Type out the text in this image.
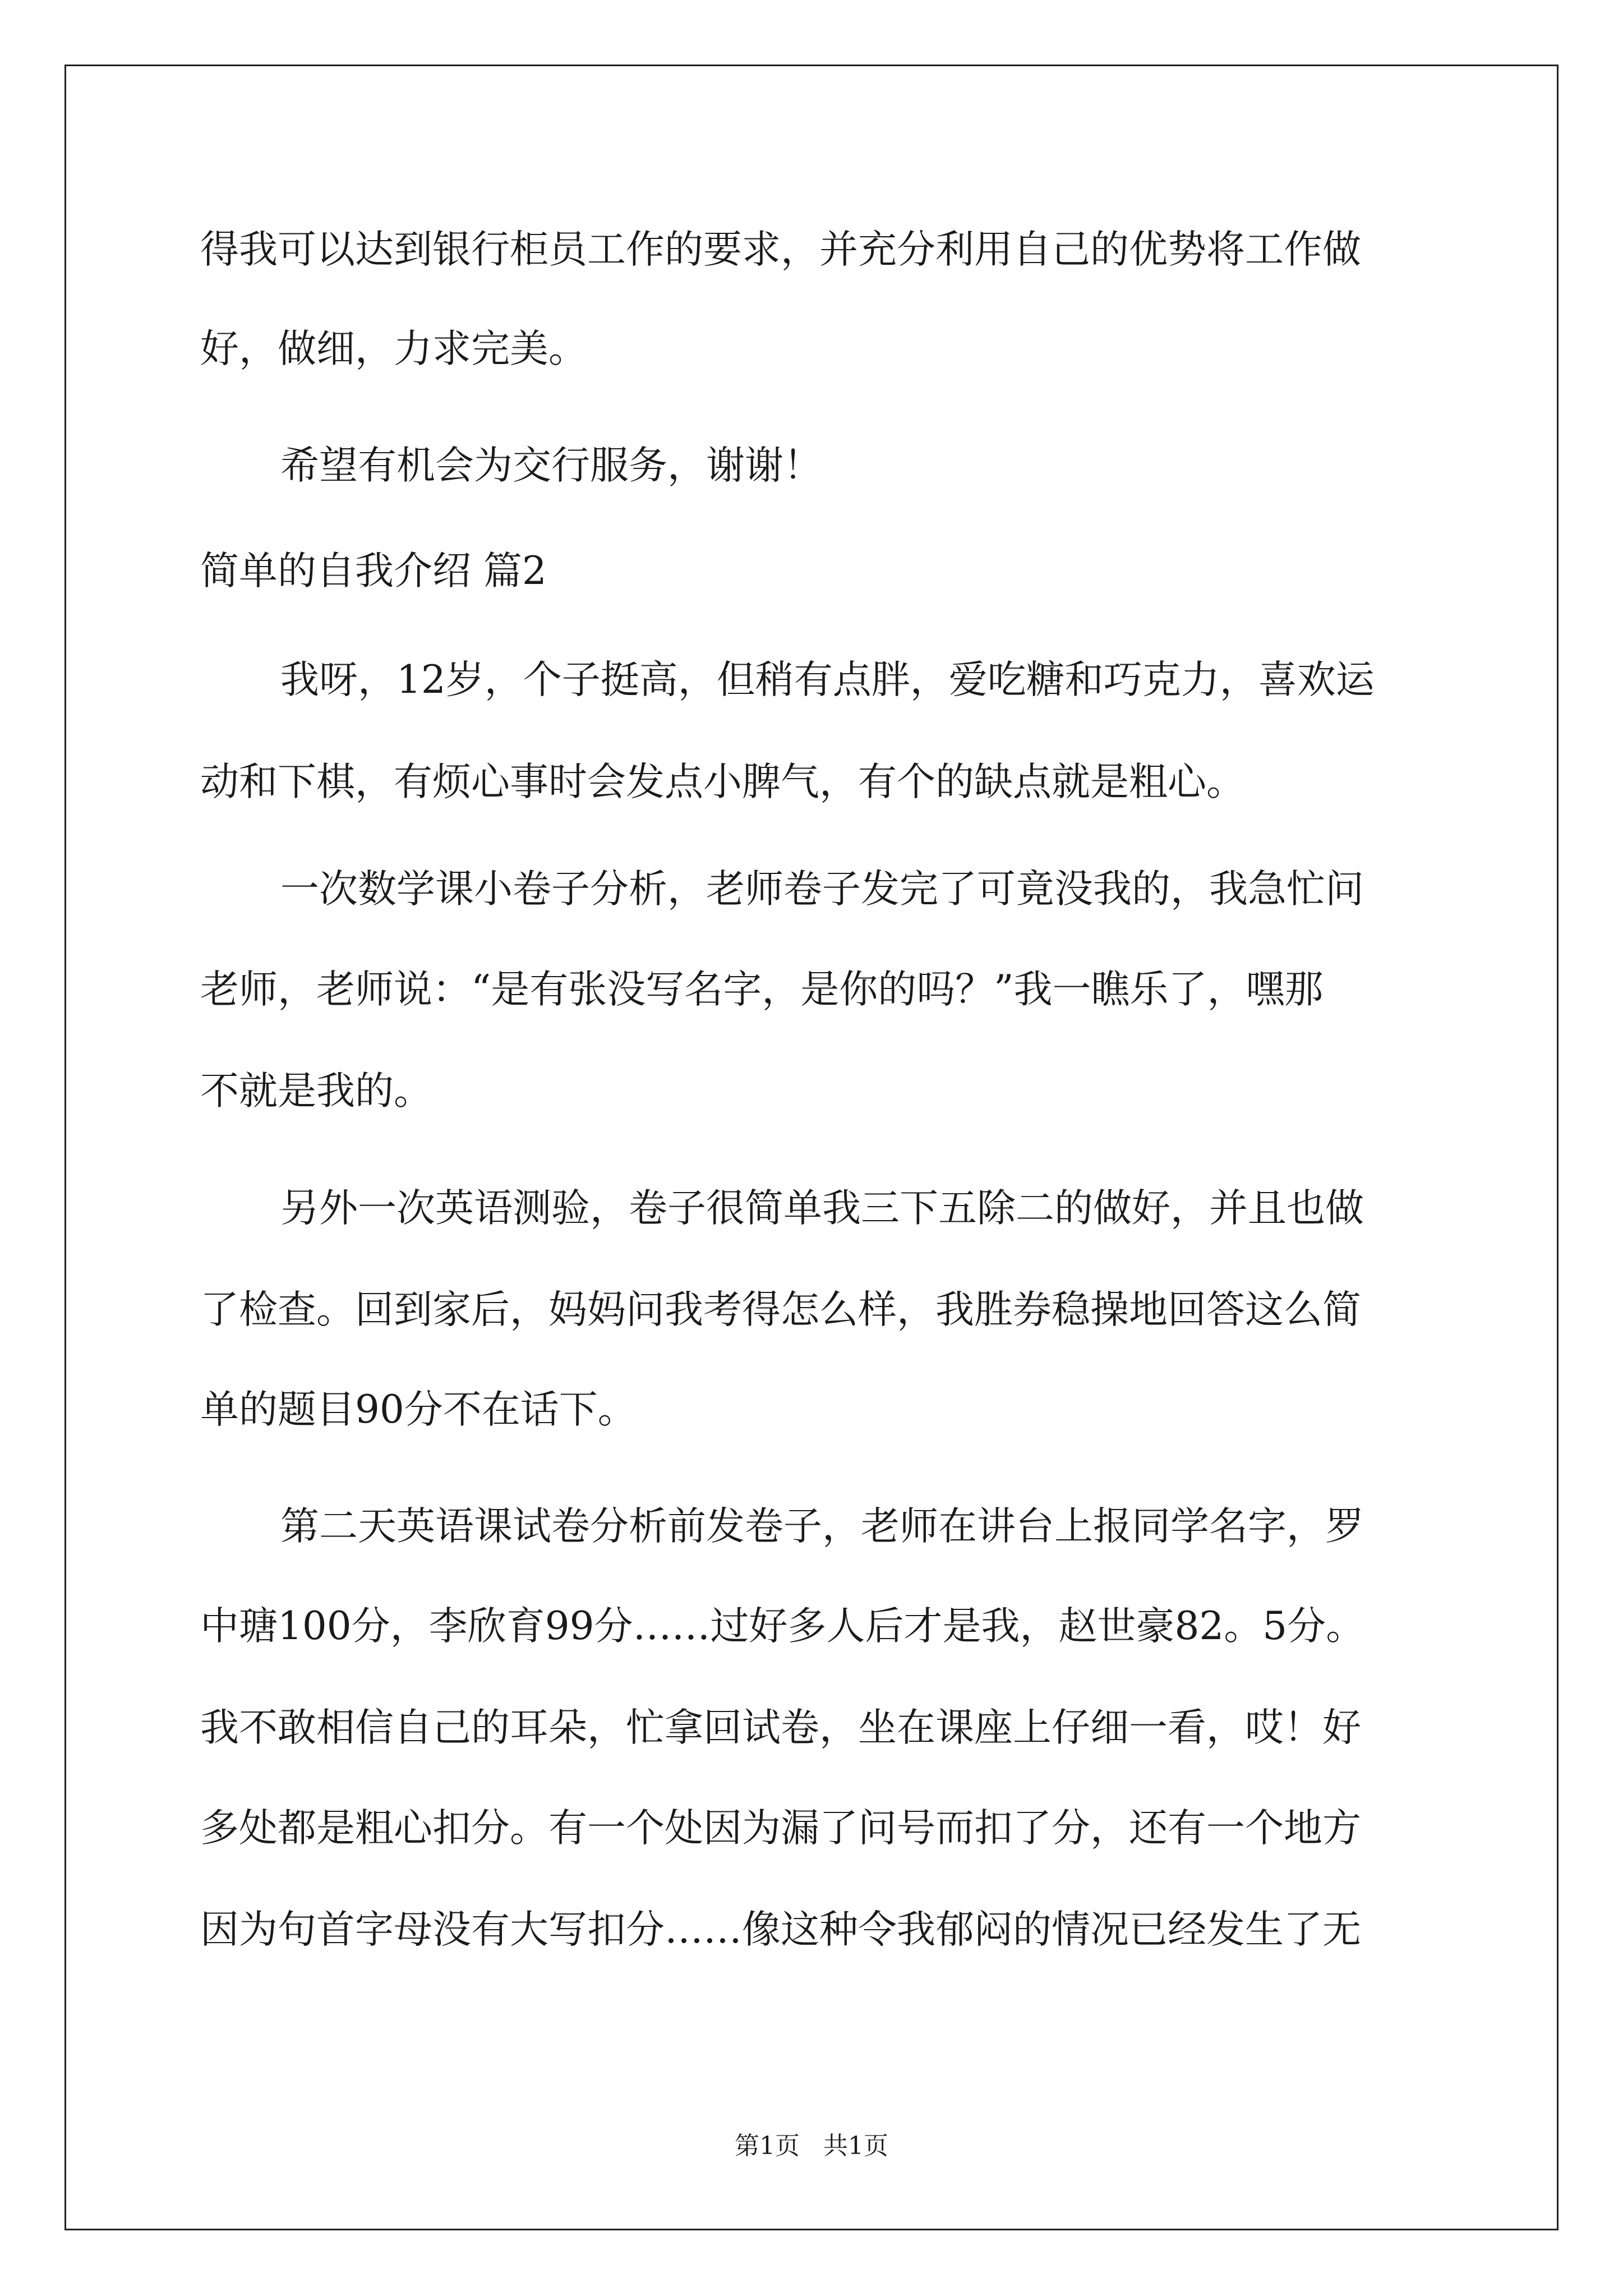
得我可以达到银行柜员工作的要求，并充分利用自己的优势将工作做
好，做细，力求完美。
希望有机会为交行服务，谢谢！
简单的自我介绍 篇2
我呀，12岁，个子挺高，但稍有点胖，爱吃糖和巧克力，喜欢运
动和下棋，有烦心事时会发点小脾气，有个的缺点就是粗心。
一次数学课小卷子分析，老师卷子发完了可竟没我的，我急忙问
老师，老师说：“是有张没写名字，是你的吗？”我一瞧乐了，嘿那
不就是我的。
另外一次英语测验，卷子很简单我三下五除二的做好，并且也做
了检查。回到家后，妈妈问我考得怎么样，我胜券稳操地回答这么简
单的题目90分不在话下。
第二天英语课试卷分析前发卷子，老师在讲台上报同学名字，罗
中瑭100分，李欣育99分……过好多人后才是我，赵世豪82。5分。
我不敢相信自己的耳朵，忙拿回试卷，坐在课座上仔细一看，哎！好
多处都是粗心扣分。有一个处因为漏了问号而扣了分，还有一个地方
因为句首字母没有大写扣分……像这种令我郁闷的情况已经发生了无
第1页   共1页
